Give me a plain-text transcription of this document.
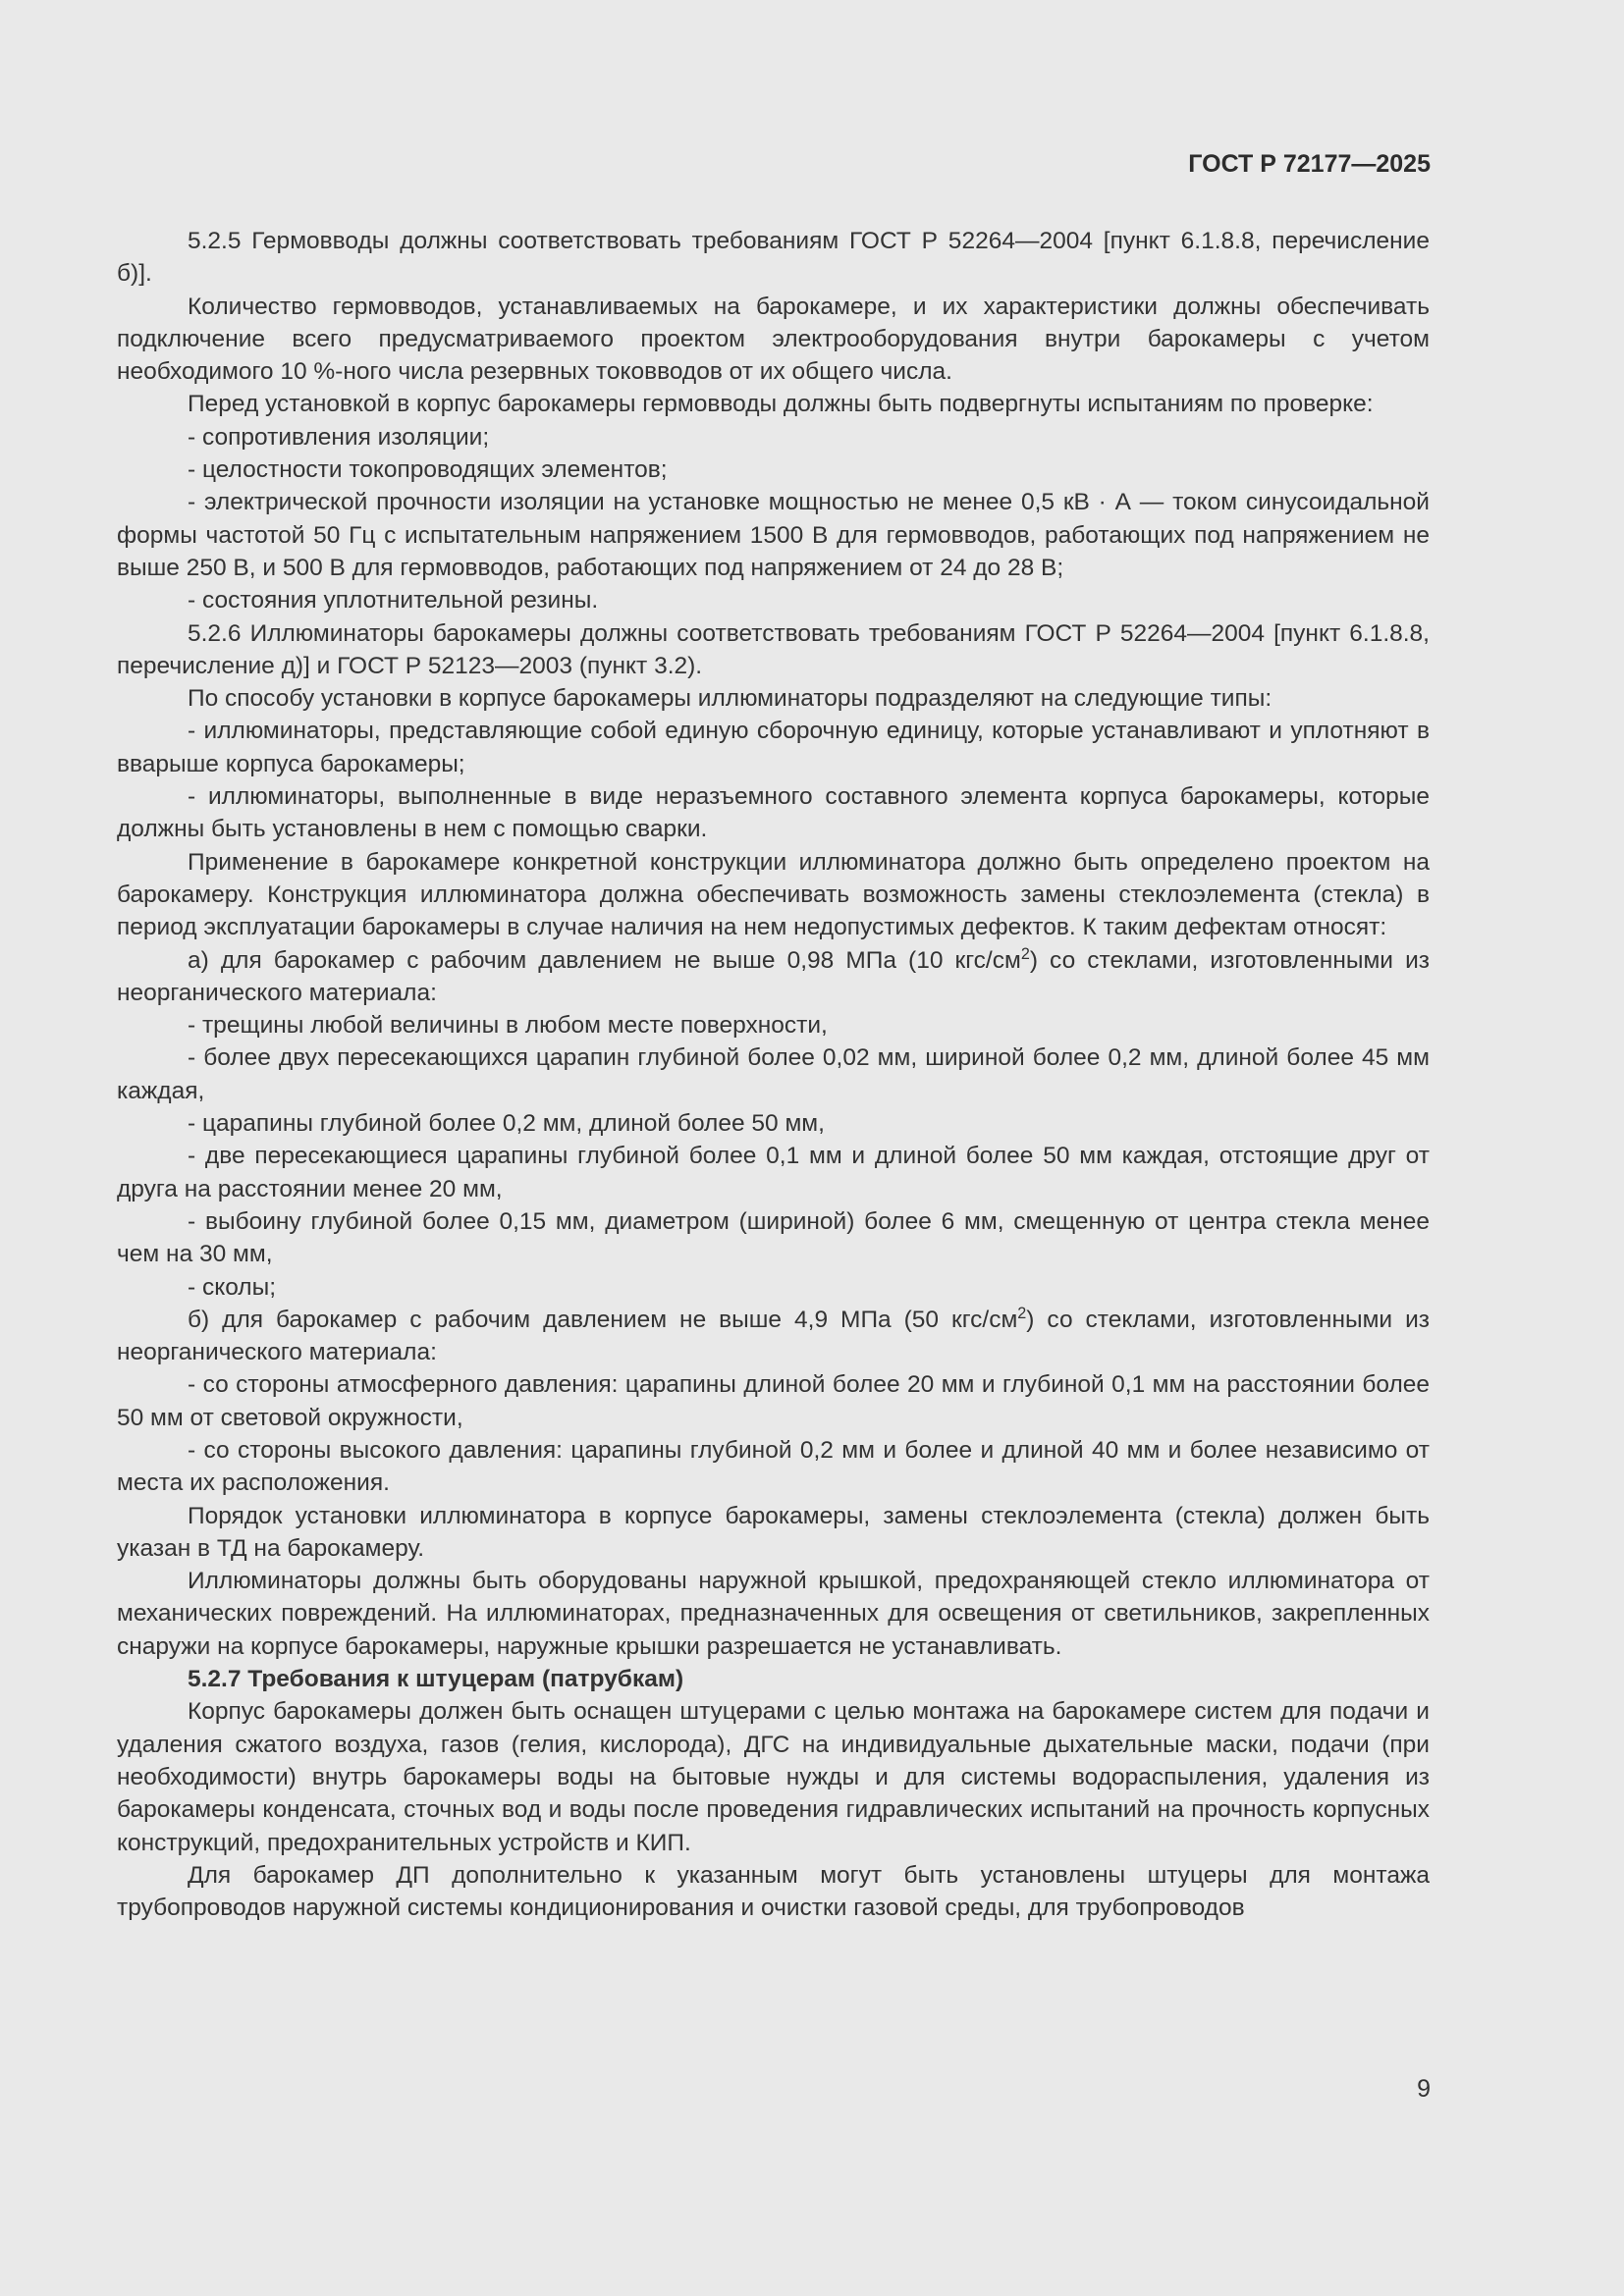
ГОСТ Р 72177—2025

5.2.5 Гермовводы должны соответствовать требованиям ГОСТ Р 52264—2004 [пункт 6.1.8.8, перечисление б)].

Количество гермовводов, устанавливаемых на барокамере, и их характеристики должны обеспечивать подключение всего предусматриваемого проектом электрооборудования внутри барокамеры с учетом необходимого 10 %-ного числа резервных токовводов от их общего числа.

Перед установкой в корпус барокамеры гермовводы должны быть подвергнуты испытаниям по проверке:

- сопротивления изоляции;

- целостности токопроводящих элементов;

- электрической прочности изоляции на установке мощностью не менее 0,5 кВ · А — током синусоидальной формы частотой 50 Гц с испытательным напряжением 1500 В для гермовводов, работающих под напряжением не выше 250 В, и 500 В для гермовводов, работающих под напряжением от 24 до 28 В;

- состояния уплотнительной резины.

5.2.6 Иллюминаторы барокамеры должны соответствовать требованиям ГОСТ Р 52264—2004 [пункт 6.1.8.8, перечисление д)] и ГОСТ Р 52123—2003 (пункт 3.2).

По способу установки в корпусе барокамеры иллюминаторы подразделяют на следующие типы:

- иллюминаторы, представляющие собой единую сборочную единицу, которые устанавливают и уплотняют в вварыше корпуса барокамеры;

- иллюминаторы, выполненные в виде неразъемного составного элемента корпуса барокамеры, которые должны быть установлены в нем с помощью сварки.

Применение в барокамере конкретной конструкции иллюминатора должно быть определено проектом на барокамеру. Конструкция иллюминатора должна обеспечивать возможность замены стеклоэлемента (стекла) в период эксплуатации барокамеры в случае наличия на нем недопустимых дефектов. К таким дефектам относят:

а) для барокамер с рабочим давлением не выше 0,98 МПа (10 кгс/$см^2$) со стеклами, изготовленными из неорганического материала:

- трещины любой величины в любом месте поверхности,

- более двух пересекающихся царапин глубиной более 0,02 мм, шириной более 0,2 мм, длиной более 45 мм каждая,

- царапины глубиной более 0,2 мм, длиной более 50 мм,

- две пересекающиеся царапины глубиной более 0,1 мм и длиной более 50 мм каждая, отстоящие друг от друга на расстоянии менее 20 мм,

- выбоину глубиной более 0,15 мм, диаметром (шириной) более 6 мм, смещенную от центра стекла менее чем на 30 мм,

- сколы;

б) для барокамер с рабочим давлением не выше 4,9 МПа (50 кгс/$см^2$) со стеклами, изготовленными из неорганического материала:

- со стороны атмосферного давления: царапины длиной более 20 мм и глубиной 0,1 мм на расстоянии более 50 мм от световой окружности,

- со стороны высокого давления: царапины глубиной 0,2 мм и более и длиной 40 мм и более независимо от места их расположения.

Порядок установки иллюминатора в корпусе барокамеры, замены стеклоэлемента (стекла) должен быть указан в ТД на барокамеру.

Иллюминаторы должны быть оборудованы наружной крышкой, предохраняющей стекло иллюминатора от механических повреждений. На иллюминаторах, предназначенных для освещения от светильников, закрепленных снаружи на корпусе барокамеры, наружные крышки разрешается не устанавливать.

5.2.7 Требования к штуцерам (патрубкам)

Корпус барокамеры должен быть оснащен штуцерами с целью монтажа на барокамере систем для подачи и удаления сжатого воздуха, газов (гелия, кислорода), ДГС на индивидуальные дыхательные маски, подачи (при необходимости) внутрь барокамеры воды на бытовые нужды и для системы водораспыления, удаления из барокамеры конденсата, сточных вод и воды после проведения гидравлических испытаний на прочность корпусных конструкций, предохранительных устройств и КИП.

Для барокамер ДП дополнительно к указанным могут быть установлены штуцеры для монтажа трубопроводов наружной системы кондиционирования и очистки газовой среды, для трубопроводов

9
